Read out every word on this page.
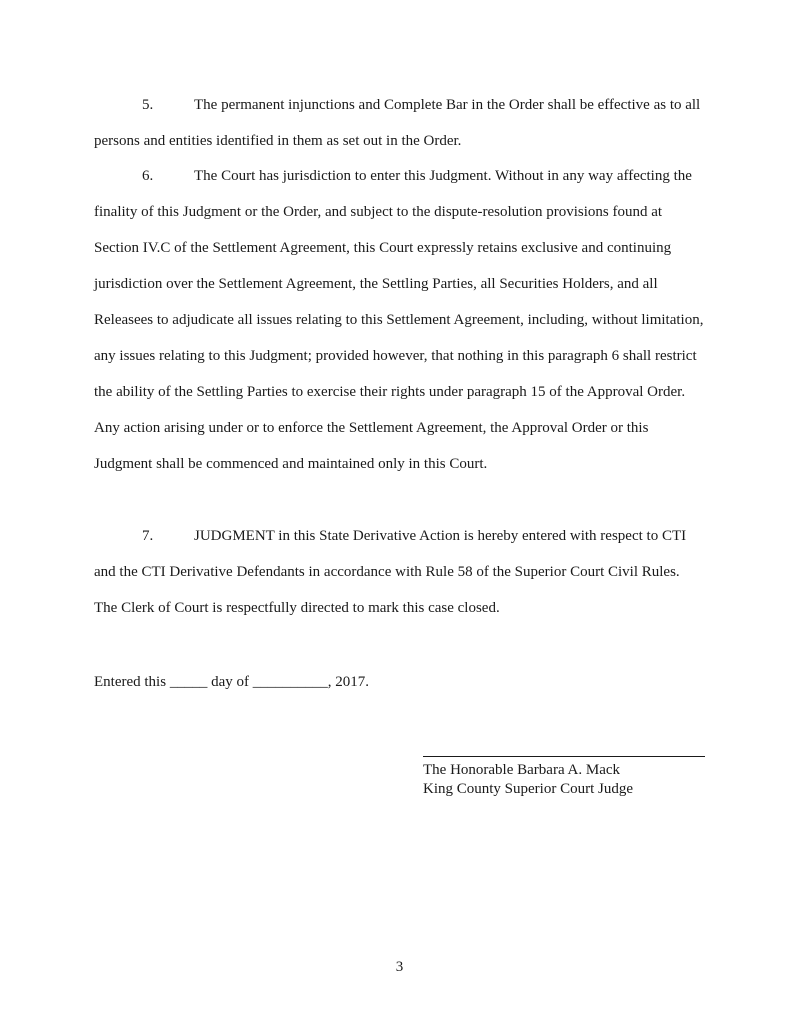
5.	The permanent injunctions and Complete Bar in the Order shall be effective as to all persons and entities identified in them as set out in the Order.

6.	The Court has jurisdiction to enter this Judgment. Without in any way affecting the finality of this Judgment or the Order, and subject to the dispute-resolution provisions found at Section IV.C of the Settlement Agreement, this Court expressly retains exclusive and continuing jurisdiction over the Settlement Agreement, the Settling Parties, all Securities Holders, and all Releasees to adjudicate all issues relating to this Settlement Agreement, including, without limitation, any issues relating to this Judgment; provided however, that nothing in this paragraph 6 shall restrict the ability of the Settling Parties to exercise their rights under paragraph 15 of the Approval Order. Any action arising under or to enforce the Settlement Agreement, the Approval Order or this Judgment shall be commenced and maintained only in this Court.

7.	JUDGMENT in this State Derivative Action is hereby entered with respect to CTI and the CTI Derivative Defendants in accordance with Rule 58 of the Superior Court Civil Rules. The Clerk of Court is respectfully directed to mark this case closed.

Entered this _____ day of __________, 2017.

The Honorable Barbara A. Mack
King County Superior Court Judge
3
